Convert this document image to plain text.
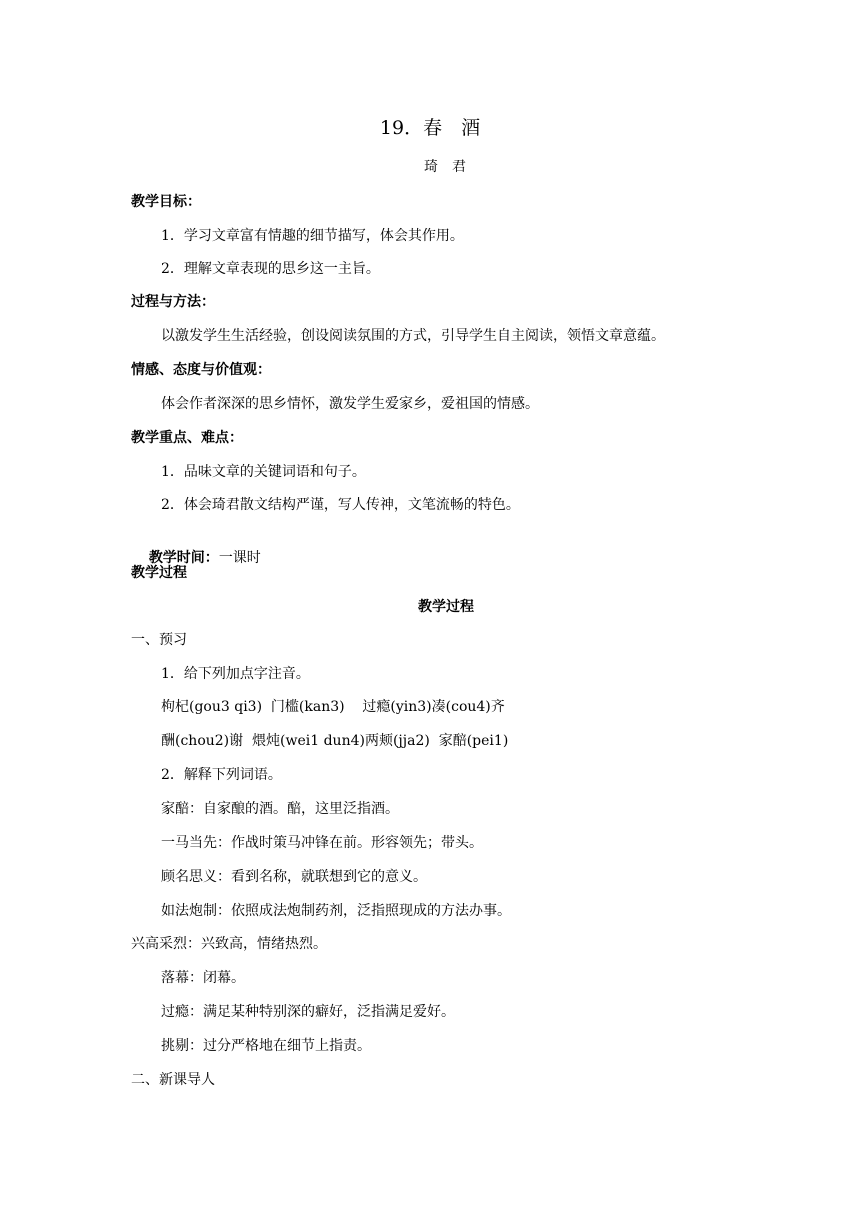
19．春　酒
琦　君
教学目标：
1．学习文章富有情趣的细节描写，体会其作用。
2．理解文章表现的思乡这一主旨。
过程与方法：
以激发学生生活经验，创设阅读氛围的方式，引导学生自主阅读，领悟文章意蕴。
情感、态度与价值观：
体会作者深深的思乡情怀，激发学生爱家乡，爱祖国的情感。
教学重点、难点：
1．品味文章的关键词语和句子。
2．体会琦君散文结构严谨，写人传神，文笔流畅的特色。

教学时间：一课时

教学过程
教学过程
一、预习
1．给下列加点字注音。
枸杞(gou3 qi3)  门槛(kan3)    过瘾(yin3)凑(cou4)齐
酬(chou2)谢  煨炖(wei1 dun4)两颊(jja2)  家醅(pei1)
2．解释下列词语。
家醅：自家酿的酒。醅，这里泛指酒。
一马当先：作战时策马冲锋在前。形容领先；带头。
顾名思义：看到名称，就联想到它的意义。
如法炮制：依照成法炮制药剂，泛指照现成的方法办事。
兴高采烈：兴致高，情绪热烈。
落幕：闭幕。
过瘾：满足某种特别深的癖好，泛指满足爱好。
挑剔：过分严格地在细节上指责。
二、新课导人
